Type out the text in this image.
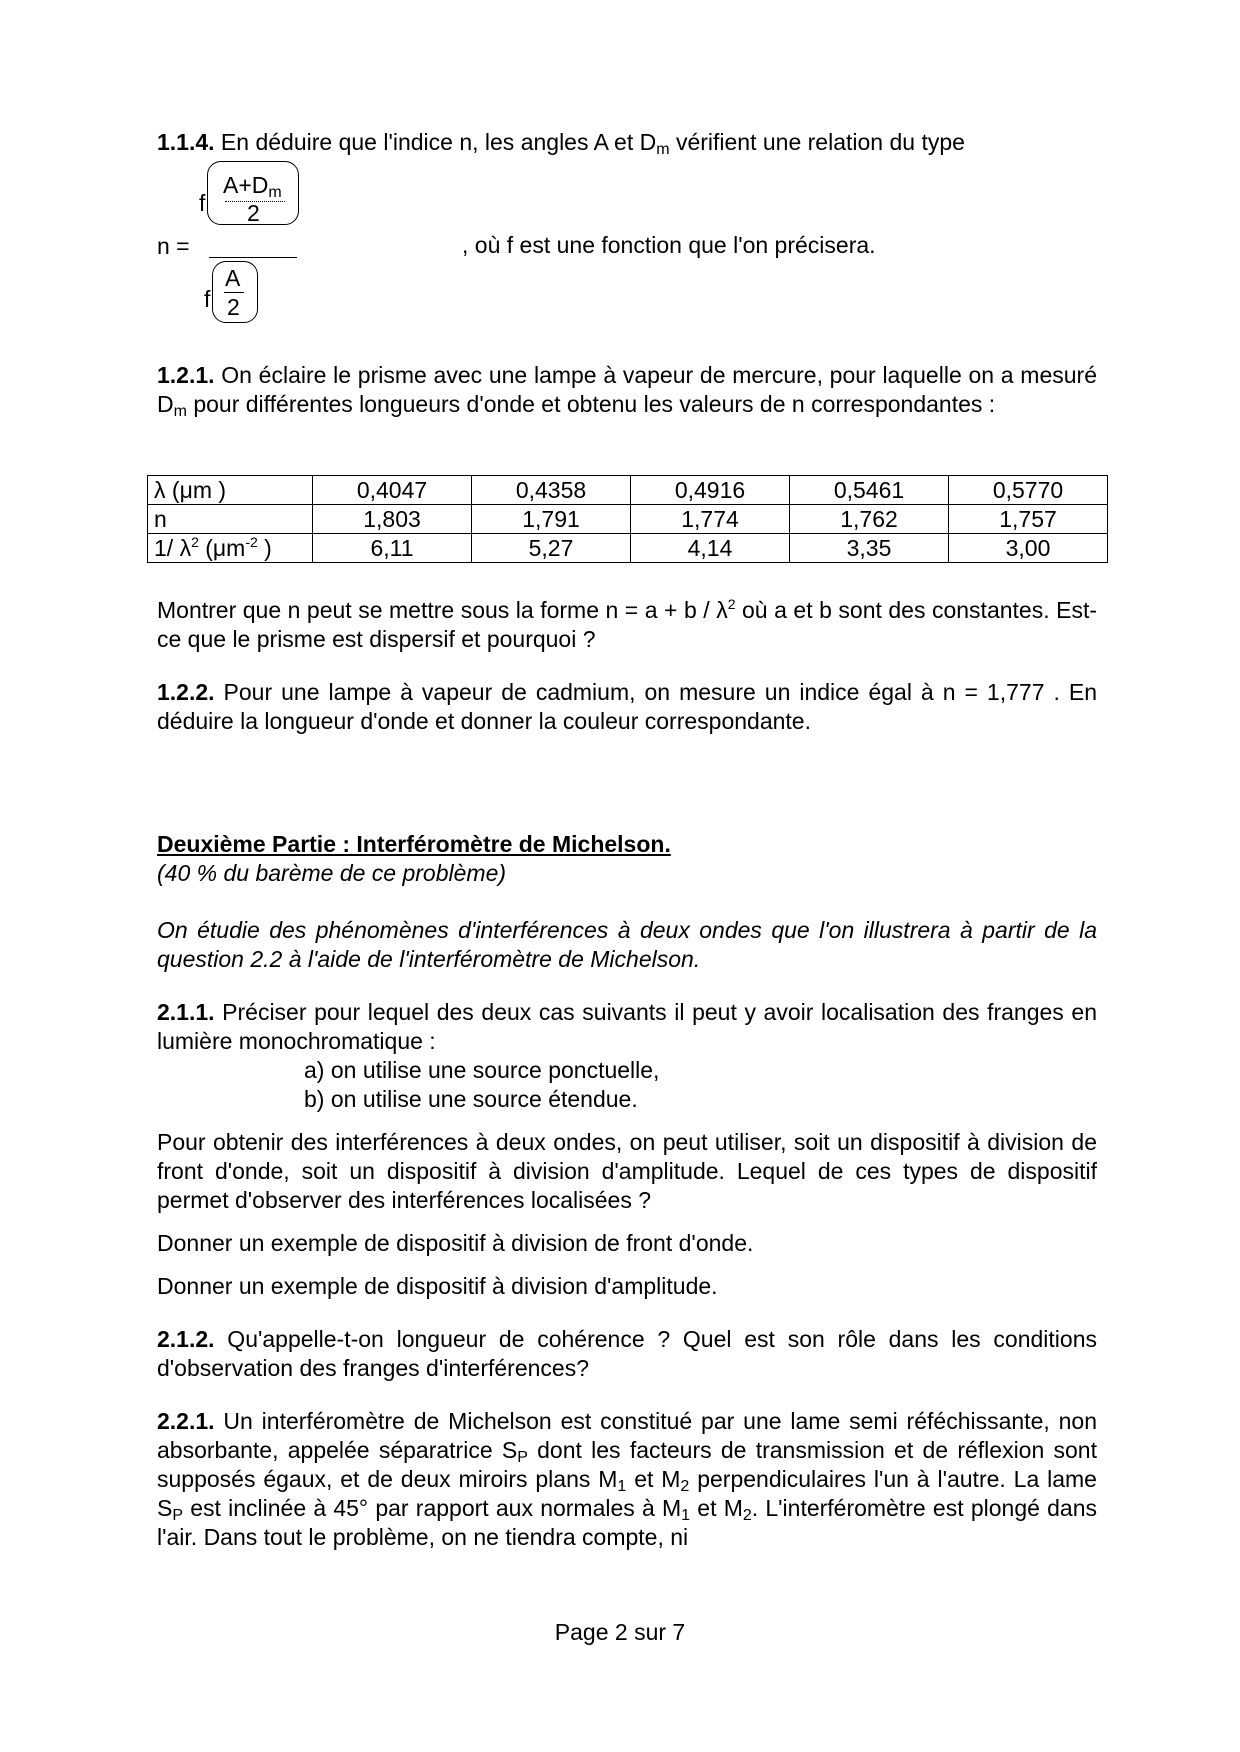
1.1.4. En déduire que l'indice n, les angles A et $D_m$ vérifient une relation du type

n =
f
$A+D_m$
2
, où f est une fonction que l'on précisera.
f
A
2

1.2.1. On éclaire le prisme avec une lampe à vapeur de mercure, pour laquelle on a mesuré $D_m$ pour différentes longueurs d'onde et obtenu les valeurs de n correspondantes :

λ (μm )	0,4047	0,4358	0,4916	0,5461	0,5770
n	1,803	1,791	1,774	1,762	1,757
1/ $\lambda^2$ ($\mu m^{-2}$ )	6,11	5,27	4,14	3,35	3,00

Montrer que n peut se mettre sous la forme $n = a + b / \lambda^2$ où a et b sont des constantes. Est-ce que le prisme est dispersif et pourquoi ?

1.2.2. Pour une lampe à vapeur de cadmium, on mesure un indice égal à n = 1,777 . En déduire la longueur d'onde et donner la couleur correspondante.

Deuxième Partie : Interféromètre de Michelson.

(40 % du barème de ce problème)

On étudie des phénomènes d'interférences à deux ondes que l'on illustrera à partir de la question 2.2 à l'aide de l'interféromètre de Michelson.

2.1.1. Préciser pour lequel des deux cas suivants il peut y avoir localisation des franges en lumière monochromatique :

a) on utilise une source ponctuelle,

b) on utilise une source étendue.

Pour obtenir des interférences à deux ondes, on peut utiliser, soit un dispositif à division de front d'onde, soit un dispositif à division d'amplitude. Lequel de ces types de dispositif permet d'observer des interférences localisées ?

Donner un exemple de dispositif à division de front d'onde.

Donner un exemple de dispositif à division d'amplitude.

2.1.2. Qu'appelle-t-on longueur de cohérence ? Quel est son rôle dans les conditions d'observation des franges d'interférences?

2.2.1. Un interféromètre de Michelson est constitué par une lame semi réféchissante, non absorbante, appelée séparatrice $S_P$ dont les facteurs de transmission et de réflexion sont supposés égaux, et de deux miroirs plans $M_1$ et $M_2$ perpendiculaires l'un à l'autre. La lame $S_P$ est inclinée à 45° par rapport aux normales à $M_1$ et $M_2$. L'interféromètre est plongé dans l'air. Dans tout le problème, on ne tiendra compte, ni

Page 2 sur 7
